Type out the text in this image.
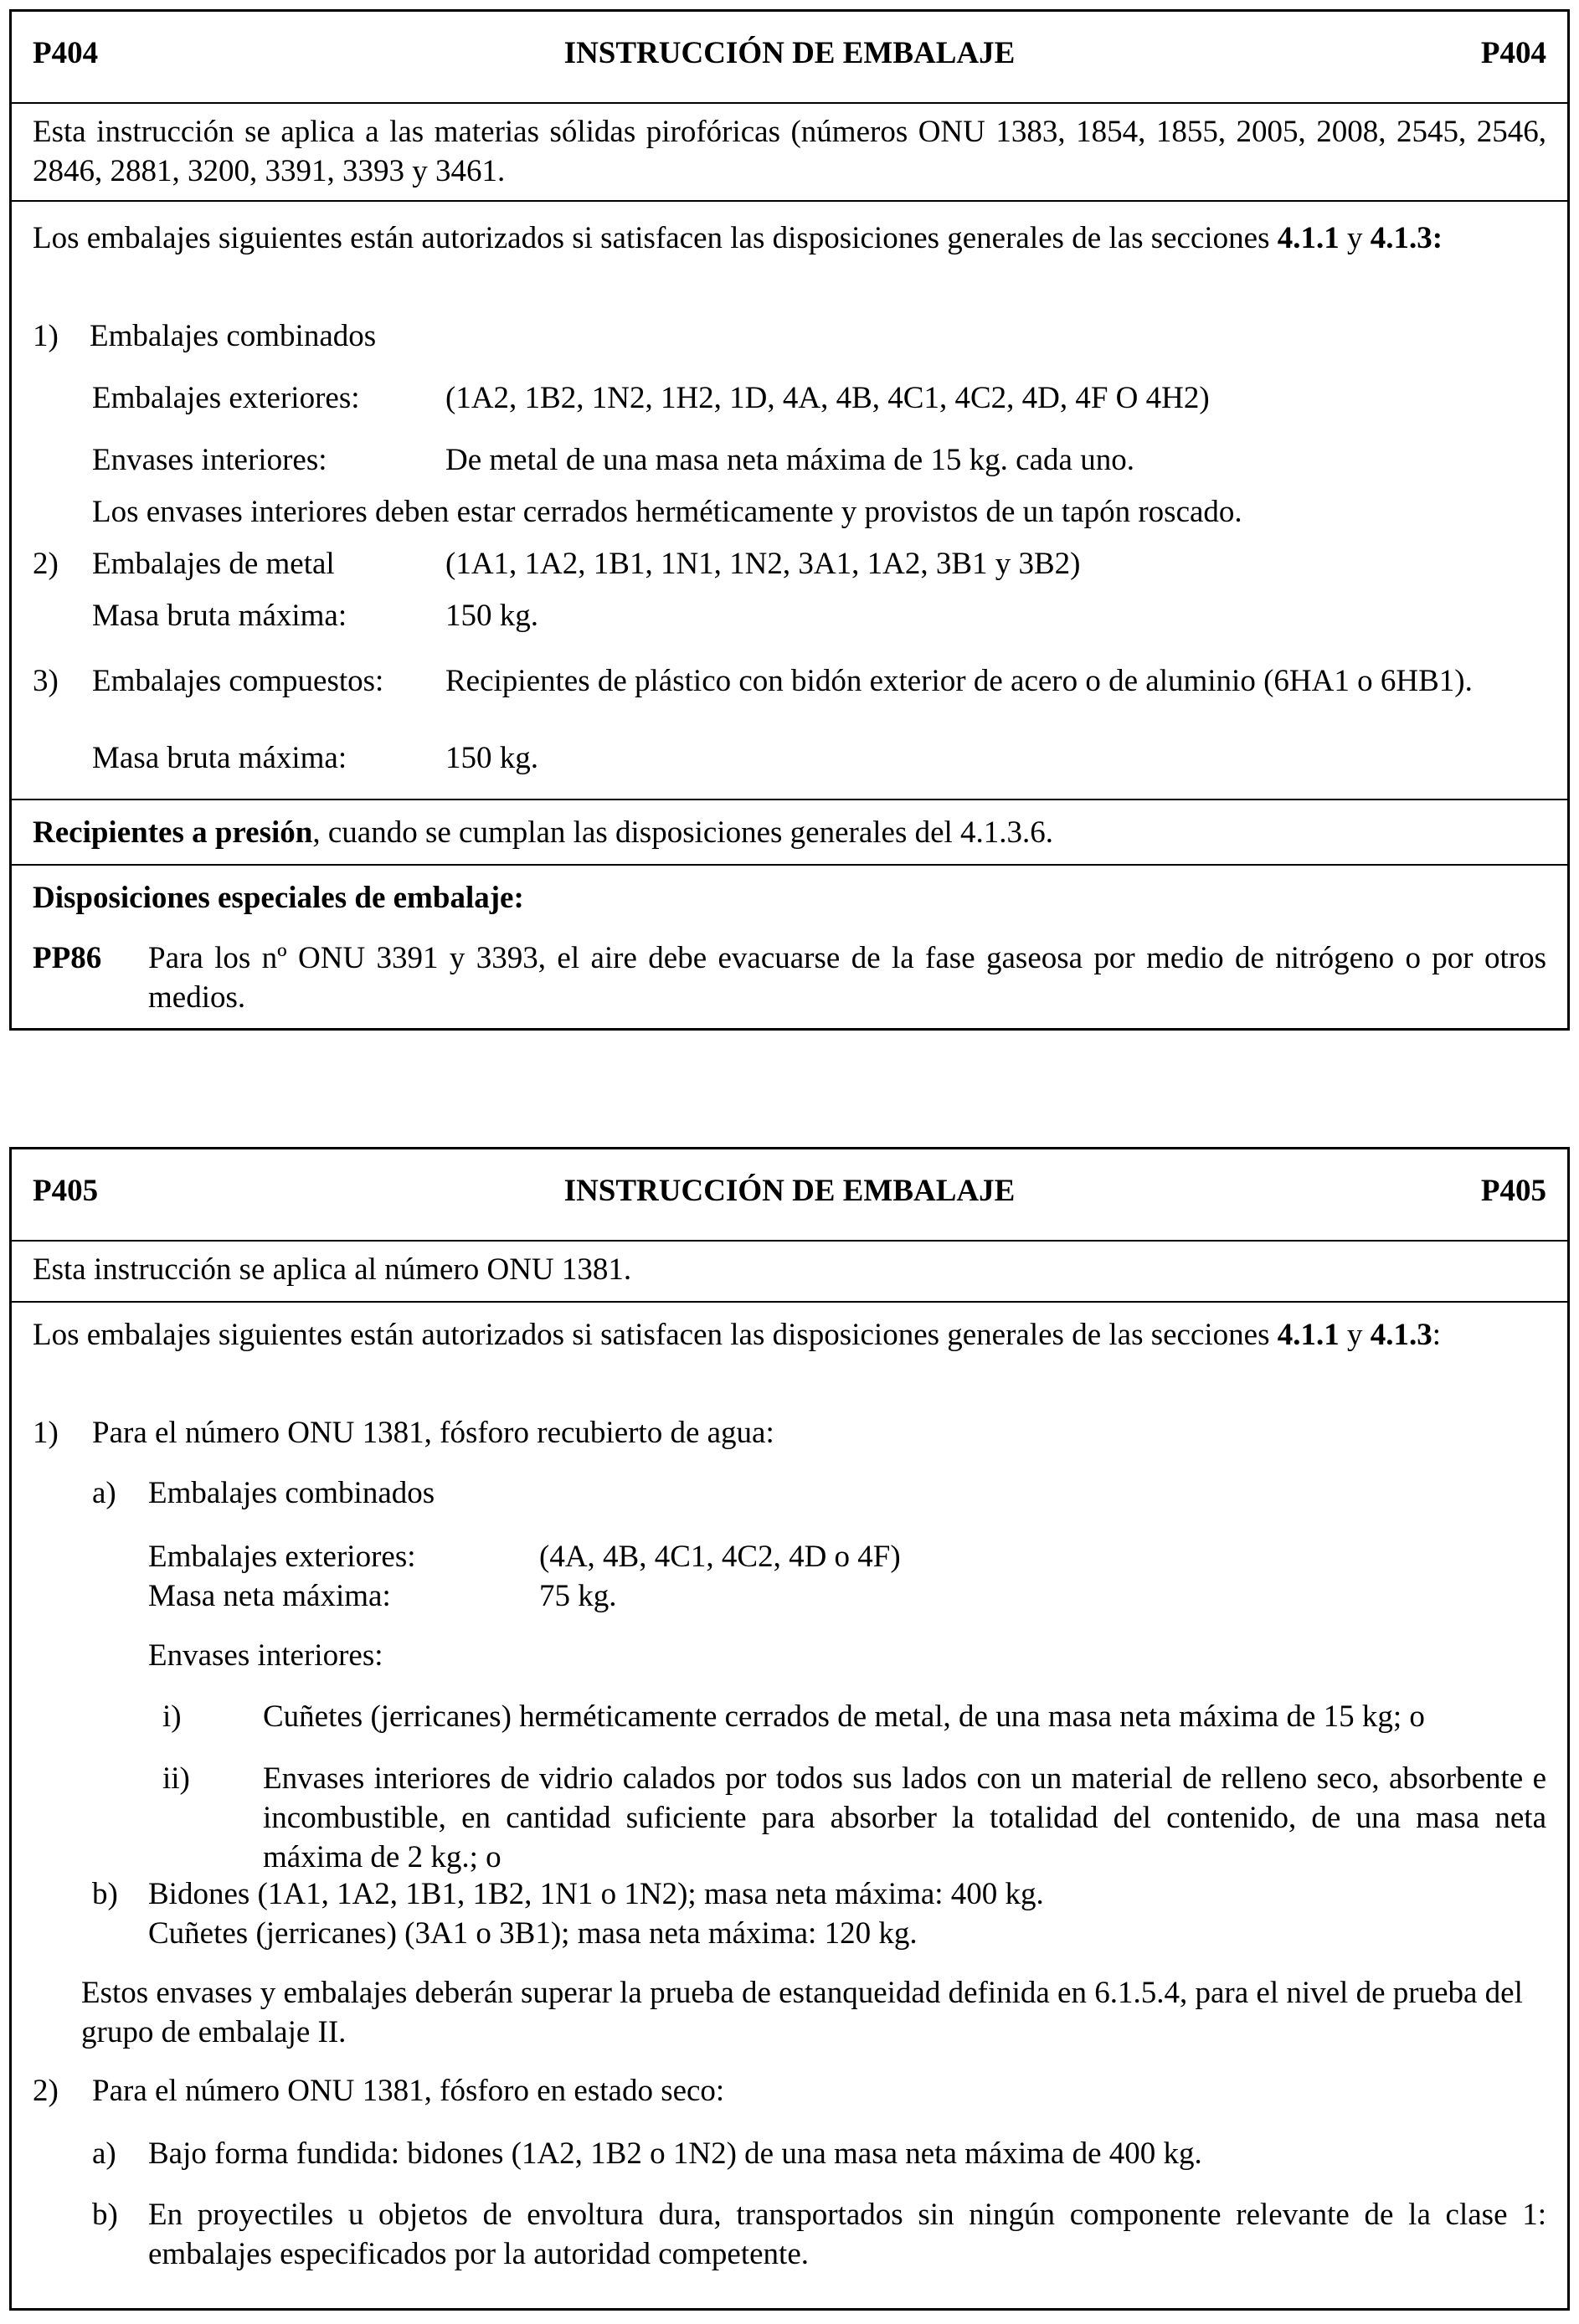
P404	INSTRUCCIÓN DE EMBALAJE	P404

Esta instrucción se aplica a las materias sólidas pirofóricas (números ONU 1383, 1854, 1855, 2005, 2008, 2545, 2546, 2846, 2881, 3200, 3391, 3393 y 3461.

Los embalajes siguientes están autorizados si satisfacen las disposiciones generales de las secciones 4.1.1 y 4.1.3:

1) Embalajes combinados
Embalajes exteriores:	(1A2, 1B2, 1N2, 1H2, 1D, 4A, 4B, 4C1, 4C2, 4D, 4F O 4H2)
Envases interiores:	De metal de una masa neta máxima de 15 kg. cada uno.
Los envases interiores deben estar cerrados herméticamente y provistos de un tapón roscado.
2) Embalajes de metal	(1A1, 1A2, 1B1, 1N1, 1N2, 3A1, 1A2, 3B1 y 3B2)
Masa bruta máxima:	150 kg.
3) Embalajes compuestos: Recipientes de plástico con bidón exterior de acero o de aluminio (6HA1 o 6HB1).

Masa bruta máxima:	150 kg.

Recipientes a presión, cuando se cumplan las disposiciones generales del 4.1.3.6.

Disposiciones especiales de embalaje:

PP86 Para los nº ONU 3391 y 3393, el aire debe evacuarse de la fase gaseosa por medio de nitrógeno o por otros medios.

P405	INSTRUCCIÓN DE EMBALAJE	P405

Esta instrucción se aplica al número ONU 1381.

Los embalajes siguientes están autorizados si satisfacen las disposiciones generales de las secciones 4.1.1 y 4.1.3:

1) Para el número ONU 1381, fósforo recubierto de agua:
a) Embalajes combinados
Embalajes exteriores:	(4A, 4B, 4C1, 4C2, 4D o 4F)
Masa neta máxima:	75 kg.
Envases interiores:
i)	Cuñetes (jerricanes) herméticamente cerrados de metal, de una masa neta máxima de 15 kg; o

ii) Envases interiores de vidrio calados por todos sus lados con un material de relleno seco, absorbente e incombustible, en cantidad suficiente para absorber la totalidad del contenido, de una masa neta máxima de 2 kg.; o

b) Bidones (1A1, 1A2, 1B1, 1B2, 1N1 o 1N2); masa neta máxima: 400 kg.
Cuñetes (jerricanes) (3A1 o 3B1); masa neta máxima: 120 kg.

Estos envases y embalajes deberán superar la prueba de estanqueidad definida en 6.1.5.4, para el nivel de prueba del grupo de embalaje II.

2) Para el número ONU 1381, fósforo en estado seco:
a) Bajo forma fundida: bidones (1A2, 1B2 o 1N2) de una masa neta máxima de 400 kg.
b) En proyectiles u objetos de envoltura dura, transportados sin ningún componente relevante de la clase 1: embalajes especificados por la autoridad competente.
